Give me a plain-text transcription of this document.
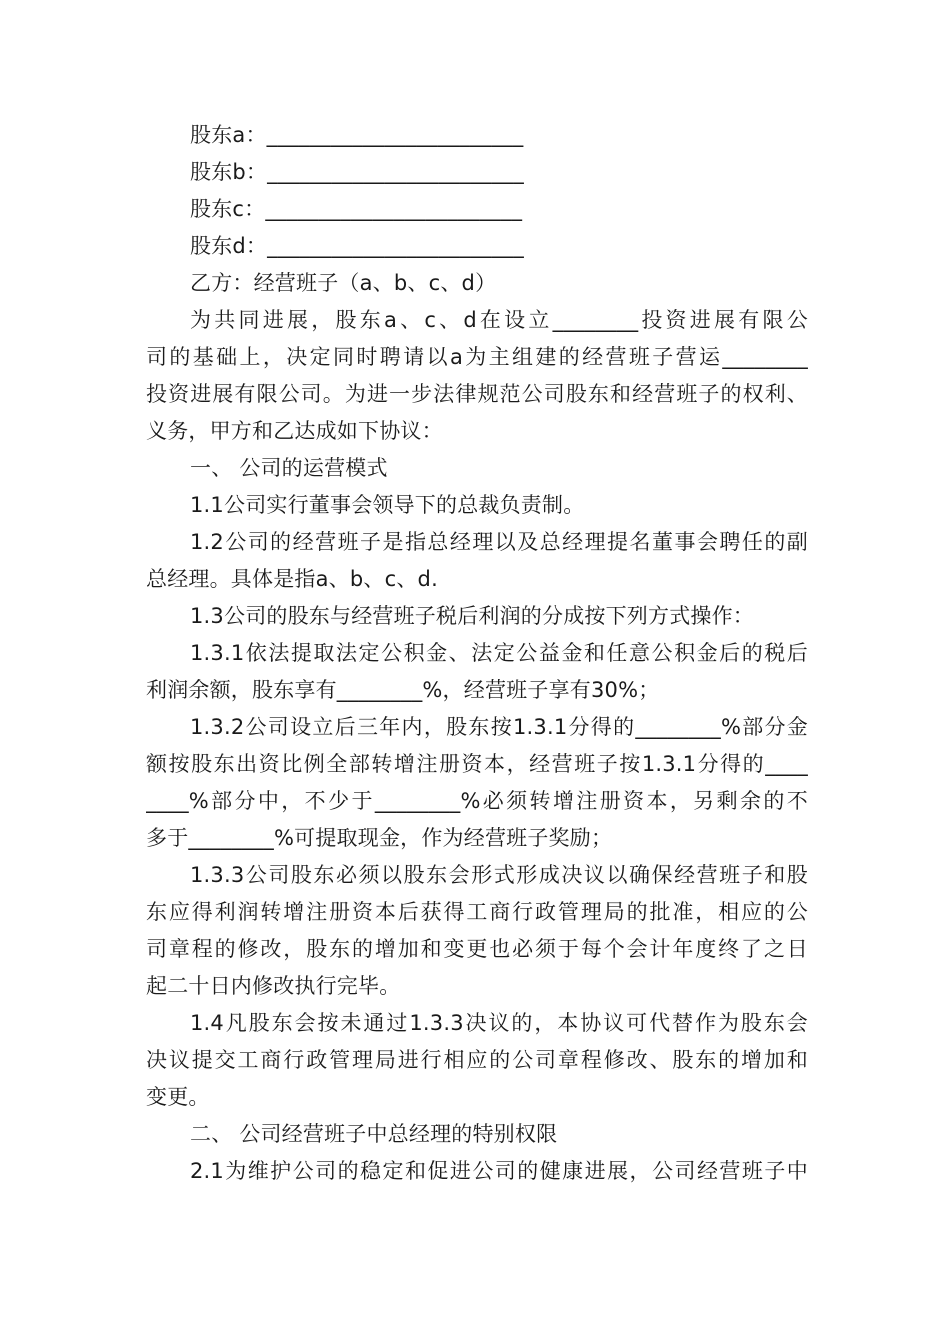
股东a：________________________
股东b：________________________
股东c：________________________
股东d：________________________
乙方：经营班子（a、b、c、d）
为共同进展，股东a、c、d在设立________投资进展有限公
司的基础上，决定同时聘请以a为主组建的经营班子营运________
投资进展有限公司。为进一步法律规范公司股东和经营班子的权利、
义务，甲方和乙达成如下协议：
一、 公司的运营模式
1.1公司实行董事会领导下的总裁负责制。
1.2公司的经营班子是指总经理以及总经理提名董事会聘任的副
总经理。具体是指a、b、c、d.
1.3公司的股东与经营班子税后利润的分成按下列方式操作：
1.3.1依法提取法定公积金、法定公益金和任意公积金后的税后
利润余额，股东享有________%，经营班子享有30%；
1.3.2公司设立后三年内，股东按1.3.1分得的________%部分金
额按股东出资比例全部转增注册资本，经营班子按1.3.1分得的____
____%部分中，不少于________%必须转增注册资本，另剩余的不
多于________%可提取现金，作为经营班子奖励；
1.3.3公司股东必须以股东会形式形成决议以确保经营班子和股
东应得利润转增注册资本后获得工商行政管理局的批准，相应的公
司章程的修改，股东的增加和变更也必须于每个会计年度终了之日
起二十日内修改执行完毕。
1.4凡股东会按未通过1.3.3决议的，本协议可代替作为股东会
决议提交工商行政管理局进行相应的公司章程修改、股东的增加和
变更。
二、 公司经营班子中总经理的特别权限
2.1为维护公司的稳定和促进公司的健康进展，公司经营班子中
